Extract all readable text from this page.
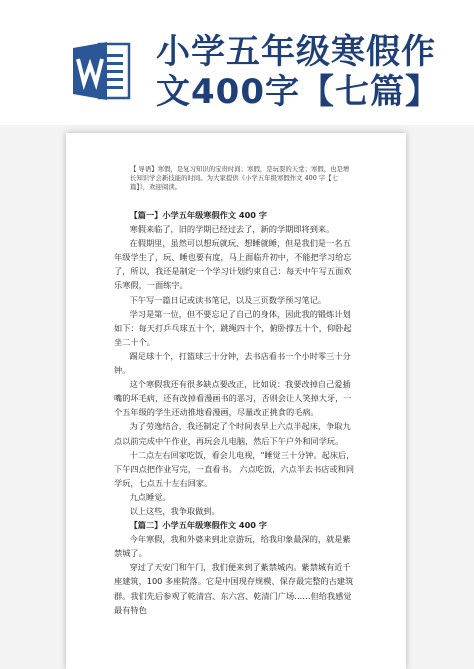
小学五年级寒假作
文400字【七篇】
【 导语】寒假，是复习知识的宝贵时间；寒假，是玩耍的天堂；寒假，也是增长知识学会新技能的时间。为大家提供《小学五年级寒假作文 400 字【七篇】》，欢迎阅读。

【篇一】小学五年级寒假作文 400 字

寒假来临了，旧的学期已经过去了，新的学期即将到来。

在假期里，虽然可以想玩就玩、想睡就睡，但是我们是一名五年级学生了，玩、睡也要有度，马上面临升初中，不能把学习给忘了，所以，我还是制定一个学习计划约束自己：每天中午写五面欢乐寒假，一面练字。

下午写一篇日记或读书笔记，以及三页数学预习笔记。

学习是第一位，但不要忘记了自己的身体，因此我的锻炼计划如下：每天打乒乓球五十个，跳绳四十个，俯卧撑五十个，仰卧起坐二十个。

踢足球十个，打篮球三十分钟，去书店看书一个小时零三十分钟。

这个寒假我还有很多缺点要改正，比如说：我要改掉自己爱插嘴的坏毛病，还有改掉看漫画书的恶习，否则会让人笑掉大牙，一个五年级的学生还动推地看漫画，尽量改正挑食的毛病。

为了劳逸结合，我还制定了个时间表早上六点半起床，争取九点以前完成中午作业，再玩会儿电脑，然后下午户外和同学玩。

十二点左右回家吃饭，看会儿电视，"睡觉三十分钟。起床后，下午四点把作业写完，一直看书。 六点吃饭，六点半去书店或和同学玩，七点五十左右回家。

九点睡觉。

以上这些，我争取做到。

【篇二】小学五年级寒假作文 400 字

今年寒假，我和外婆来到北京游玩，给我印象最深的，就是紫禁城了。

穿过了天安门和午门，我们便来到了紫禁城内。紫禁城有近千座建筑，100 多座院落。它是中国现存规模、保存最完整的古建筑群。我们先后参观了乾清宫、东六宫、乾清门广场……但给我感觉最有特色
